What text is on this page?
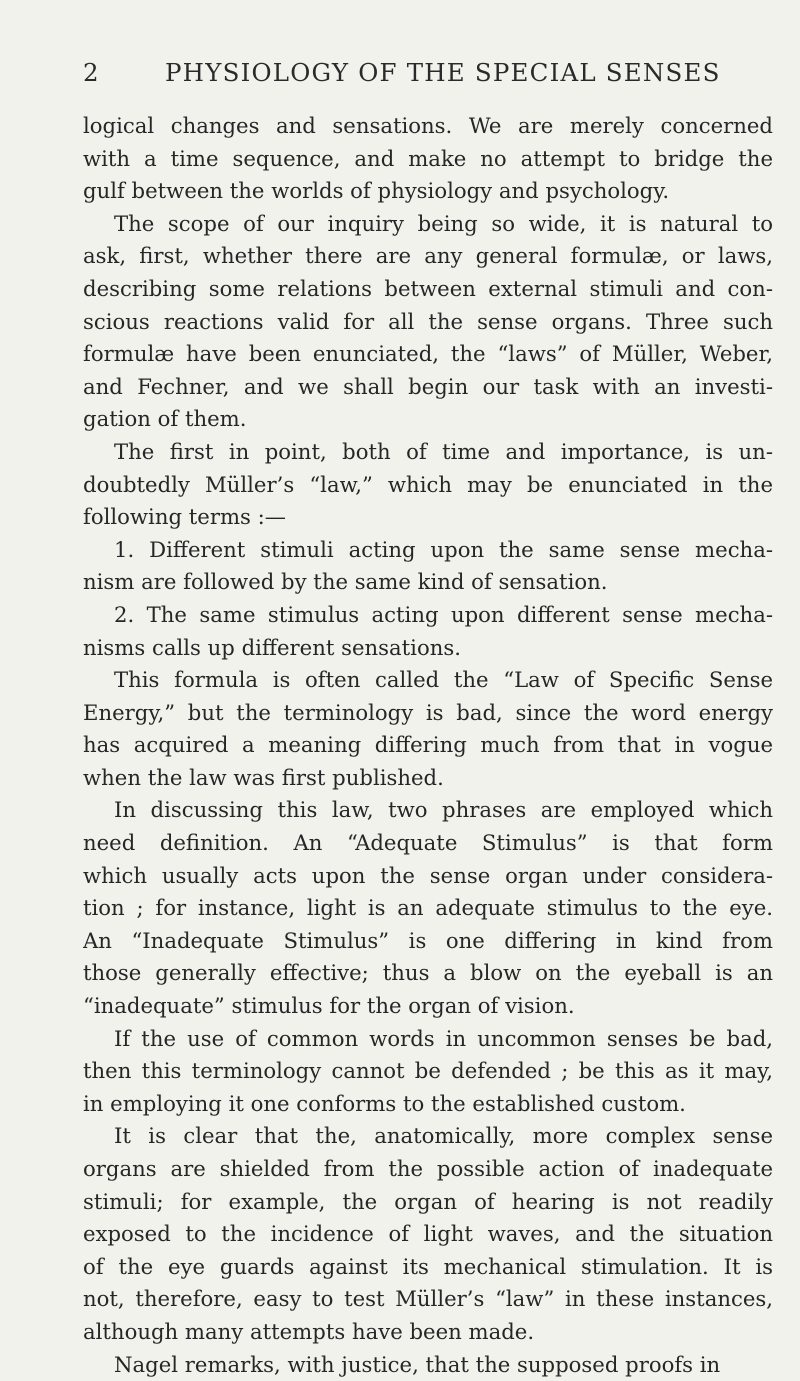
2	PHYSIOLOGY OF THE SPECIAL SENSES
logical changes and sensations. We are merely concerned
with a time sequence, and make no attempt to bridge the
gulf between the worlds of physiology and psychology.
The scope of our inquiry being so wide, it is natural to
ask, first, whether there are any general formulæ, or laws,
describing some relations between external stimuli and con-
scious reactions valid for all the sense organs. Three such
formulæ have been enunciated, the “laws” of Müller, Weber,
and Fechner, and we shall begin our task with an investi-
gation of them.
The first in point, both of time and importance, is un-
doubtedly Müller’s “law,” which may be enunciated in the
following terms :—
1. Different stimuli acting upon the same sense mecha-
nism are followed by the same kind of sensation.
2. The same stimulus acting upon different sense mecha-
nisms calls up different sensations.
This formula is often called the “Law of Specific Sense
Energy,” but the terminology is bad, since the word energy
has acquired a meaning differing much from that in vogue
when the law was first published.
In discussing this law, two phrases are employed which
need definition. An “Adequate Stimulus” is that form
which usually acts upon the sense organ under considera-
tion ; for instance, light is an adequate stimulus to the eye.
An “Inadequate Stimulus” is one differing in kind from
those generally effective; thus a blow on the eyeball is an
“inadequate” stimulus for the organ of vision.
If the use of common words in uncommon senses be bad,
then this terminology cannot be defended ; be this as it may,
in employing it one conforms to the established custom.
It is clear that the, anatomically, more complex sense
organs are shielded from the possible action of inadequate
stimuli; for example, the organ of hearing is not readily
exposed to the incidence of light waves, and the situation
of the eye guards against its mechanical stimulation. It is
not, therefore, easy to test Müller’s “law” in these instances,
although many attempts have been made.
Nagel remarks, with justice, that the supposed proofs in
